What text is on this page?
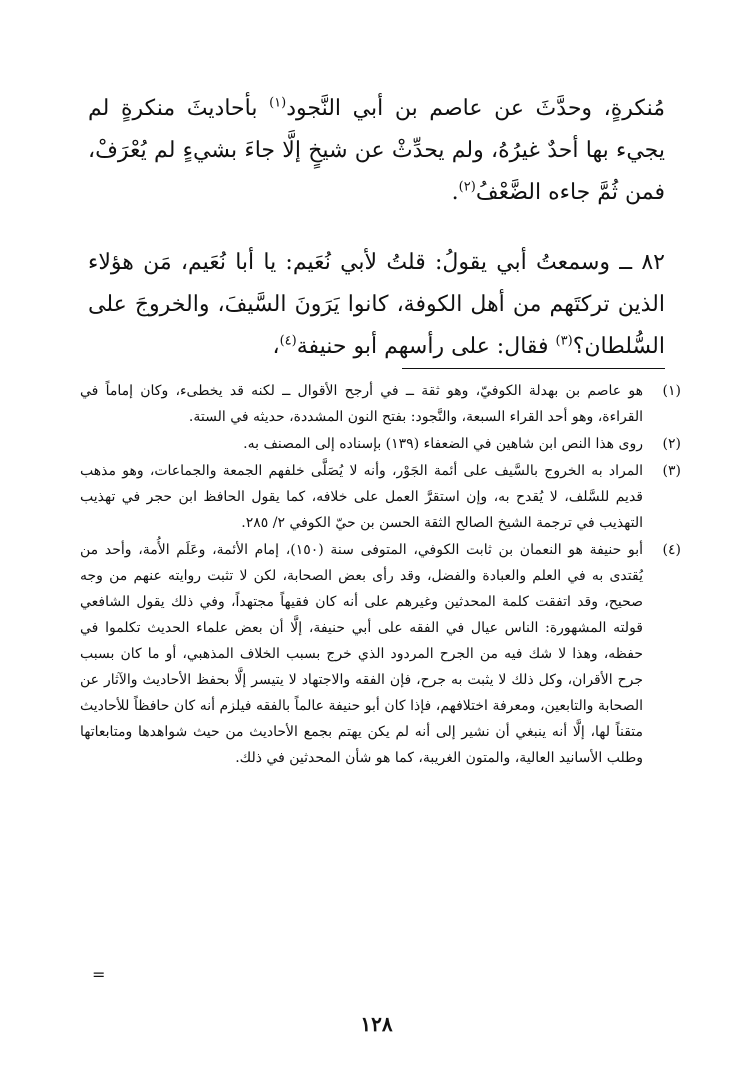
مُنكرةٍ، وحدَّثَ عن عاصم بن أبي النَّجود$^{(١)}$ بأحاديثَ منكرةٍ لم يجيء بها أحدٌ غيرُهُ، ولم يحدِّثْ عن شيخٍ إلَّا جاءَ بشيءٍ لم يُعْرَفْ، فمن ثُمَّ جاءه الضَّعْفُ$^{(٢)}$.

٨٢ ــ وسمعتُ أبي يقولُ: قلتُ لأبي نُعَيم: يا أبا نُعَيم، مَن هؤلاء الذين تركتَهم من أهل الكوفة، كانوا يَرَونَ السَّيفَ، والخروجَ على السُّلطان؟$^{(٣)}$ فقال: على رأسهم أبو حنيفة$^{(٤)}$،

(١)

هو عاصم بن بهدلة الكوفيّ، وهو ثقة ــ في أرجح الأقوال ــ لكنه قد يخطىء، وكان إماماً في القراءة، وهو أحد القراء السبعة، والنَّجود: بفتح النون المشددة، حديثه في الستة.

(٢)

روى هذا النص ابن شاهين في الضعفاء (١٣٩) بإسناده إلى المصنف به.

(٣)

المراد به الخروج بالسَّيف على أئمة الجَوْر، وأنه لا يُصَلَّى خلفهم الجمعة والجماعات، وهو مذهب قديم للسَّلف، لا يُقدح به، وإن استقرَّ العمل على خلافه، كما يقول الحافظ ابن حجر في تهذيب التهذيب في ترجمة الشيخ الصالح الثقة الحسن بن حيّ الكوفي ٢/ ٢٨٥.

(٤)

أبو حنيفة هو النعمان بن ثابت الكوفي، المتوفى سنة (١٥٠)، إمام الأئمة، وعَلَم الأُمة، وأحد من يُقتدى به في العلم والعبادة والفضل، وقد رأى بعض الصحابة، لكن لا تثبت روايته عنهم من وجه صحيح، وقد اتفقت كلمة المحدثين وغيرهم على أنه كان فقيهاً مجتهداً، وفي ذلك يقول الشافعي قولته المشهورة: الناس عيال في الفقه على أبي حنيفة، إلَّا أن بعض علماء الحديث تكلموا في حفظه، وهذا لا شك فيه من الجرح المردود الذي خرج بسبب الخلاف المذهبي، أو ما كان بسبب جرح الأقران، وكل ذلك لا يثبت به جرح، فإن الفقه والاجتهاد لا يتيسر إلَّا بحفظ الأحاديث والآثار عن الصحابة والتابعين، ومعرفة اختلافهم، فإذا كان أبو حنيفة عالماً بالفقه فيلزم أنه كان حافظاً للأحاديث متقناً لها، إلَّا أنه ينبغي أن نشير إلى أنه لم يكن يهتم بجمع الأحاديث من حيث شواهدها ومتابعاتها وطلب الأسانيد العالية، والمتون الغريبة، كما هو شأن المحدثين في ذلك.

=
١٢٨
